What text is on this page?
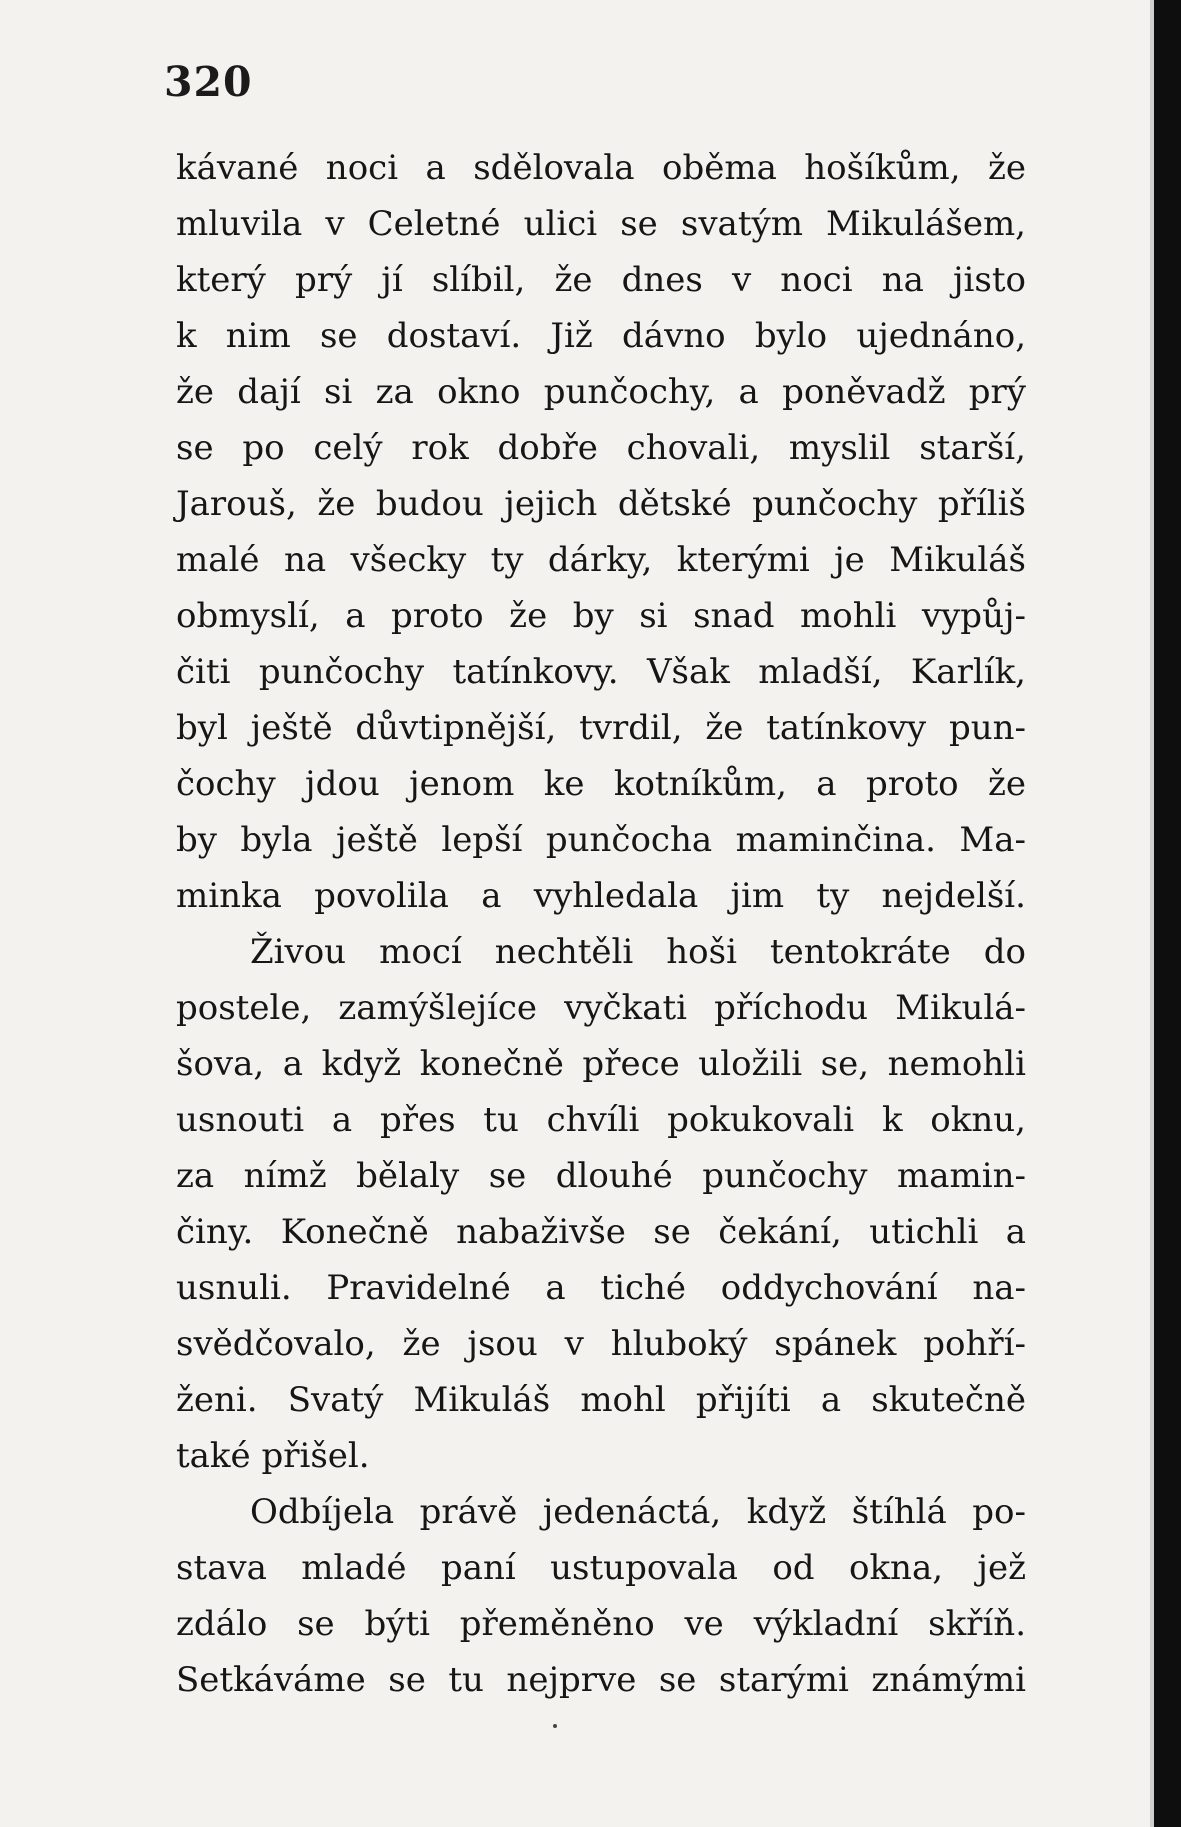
320
kávané noci a sdělovala oběma hošíkům, že
mluvila v Celetné ulici se svatým Mikulášem,
který prý jí slíbil, že dnes v noci na jisto
k nim se dostaví. Již dávno bylo ujednáno,
že dají si za okno punčochy, a poněvadž prý
se po celý rok dobře chovali, myslil starší,
Jarouš, že budou jejich dětské punčochy příliš
malé na všecky ty dárky, kterými je Mikuláš
obmyslí, a proto že by si snad mohli vypůj-
čiti punčochy tatínkovy. Však mladší, Karlík,
byl ještě důvtipnější, tvrdil, že tatínkovy pun-
čochy jdou jenom ke kotníkům, a proto že
by byla ještě lepší punčocha maminčina. Ma-
minka povolila a vyhledala jim ty nejdelší.
Živou mocí nechtěli hoši tentokráte do
postele, zamýšlejíce vyčkati příchodu Mikulá-
šova, a když konečně přece uložili se, nemohli
usnouti a přes tu chvíli pokukovali k oknu,
za nímž bělaly se dlouhé punčochy mamin-
činy. Konečně nabaživše se čekání, utichli a
usnuli. Pravidelné a tiché oddychování na-
svědčovalo, že jsou v hluboký spánek pohří-
ženi. Svatý Mikuláš mohl přijíti a skutečně
také přišel.
Odbíjela právě jedenáctá, když štíhlá po-
stava mladé paní ustupovala od okna, jež
zdálo se býti přeměněno ve výkladní skříň.
Setkáváme se tu nejprve se starými známými
